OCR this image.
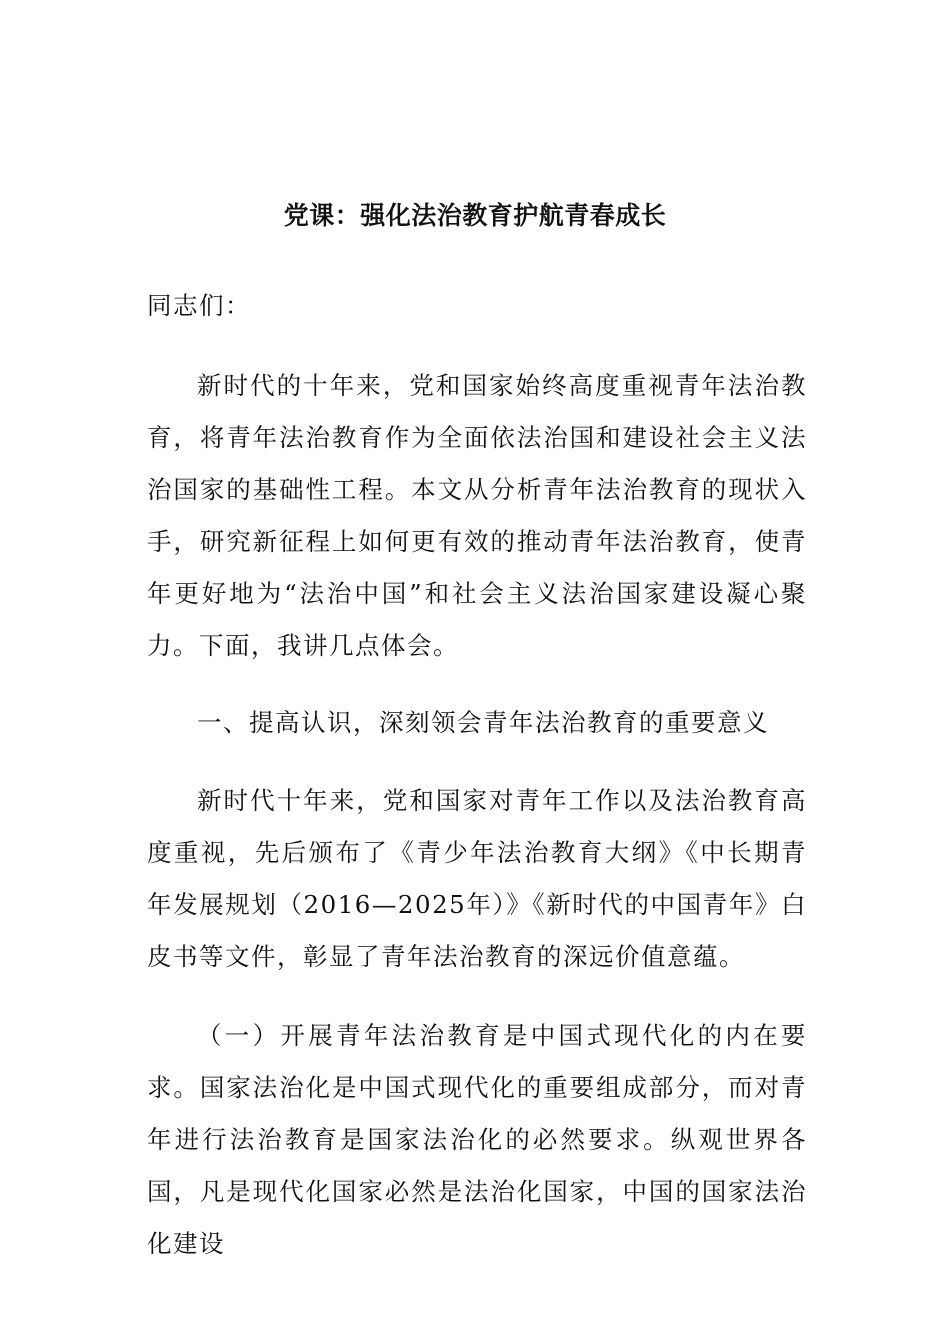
党课：强化法治教育护航青春成长
同志们：
新时代的十年来，党和国家始终高度重视青年法治教育，将青年法治教育作为全面依法治国和建设社会主义法治国家的基础性工程。本文从分析青年法治教育的现状入手，研究新征程上如何更有效的推动青年法治教育，使青年更好地为“法治中国”和社会主义法治国家建设凝心聚力。下面，我讲几点体会。
一、提高认识，深刻领会青年法治教育的重要意义
新时代十年来，党和国家对青年工作以及法治教育高度重视，先后颁布了《青少年法治教育大纲》《中长期青年发展规划（2016—2025年）》《新时代的中国青年》白皮书等文件，彰显了青年法治教育的深远价值意蕴。
（一）开展青年法治教育是中国式现代化的内在要求。国家法治化是中国式现代化的重要组成部分，而对青年进行法治教育是国家法治化的必然要求。纵观世界各国，凡是现代化国家必然是法治化国家，中国的国家法治化建设
